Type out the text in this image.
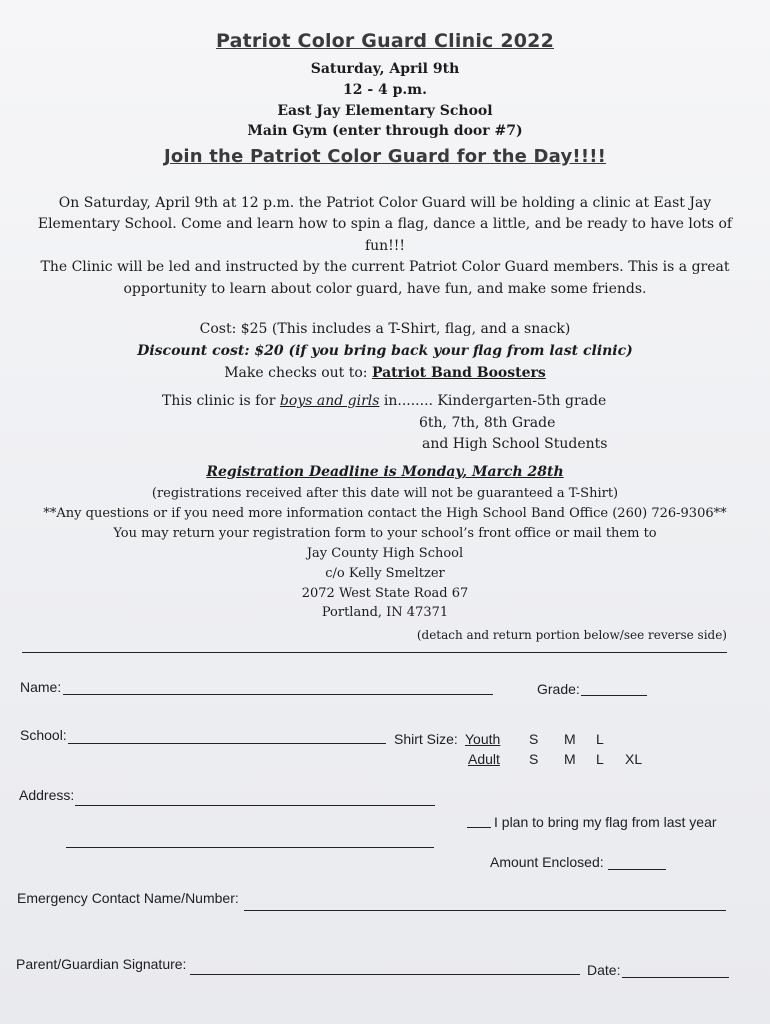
Patriot Color Guard Clinic 2022
Saturday, April 9th
12 - 4 p.m.
East Jay Elementary School
Main Gym (enter through door #7)
Join the Patriot Color Guard for the Day!!!!
On Saturday, April 9th at 12 p.m. the Patriot Color Guard will be holding a clinic at East Jay
Elementary School. Come and learn how to spin a flag, dance a little, and be ready to have lots of
fun!!!
The Clinic will be led and instructed by the current Patriot Color Guard members. This is a great
opportunity to learn about color guard, have fun, and make some friends.
Cost: $25 (This includes a T-Shirt, flag, and a snack)
Discount cost: $20 (if you bring back your flag from last clinic)
Make checks out to: Patriot Band Boosters
This clinic is for boys and girls in........ Kindergarten-5th grade
6th, 7th, 8th Grade
and High School Students
Registration Deadline is Monday, March 28th
(registrations received after this date will not be guaranteed a T-Shirt)
**Any questions or if you need more information contact the High School Band Office (260) 726-9306**
You may return your registration form to your school’s front office or mail them to
Jay County High School
c/o Kelly Smeltzer
2072 West State Road 67
Portland, IN 47371
(detach and return portion below/see reverse side)
Name:	Grade:
School:	Shirt Size: Youth S M L
Adult S M L XL
Address:
I plan to bring my flag from last year
Amount Enclosed:
Emergency Contact Name/Number:
Parent/Guardian Signature:	Date:
